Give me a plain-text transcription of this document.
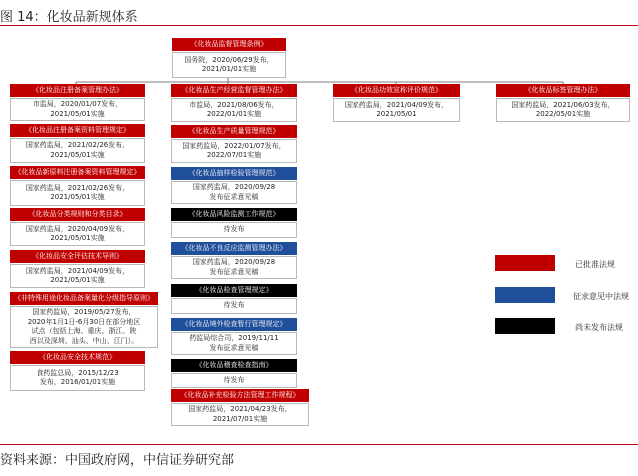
图 14：化妆品新规体系
《化妆品监督管理条例》
国务院，2020/06/29发布，2021/01/01实施
《化妆品注册备案管理办法》
市监局，2020/01/07发布，
2021/05/01实施
《化妆品注册备案资料管理规定》
国家药监局，2021/02/26发布，
2021/05/01实施
《化妆品新原料注册备案资料管理规定》
国家药监局，2021/02/26发布，
2021/05/01实施
《化妆品分类规则和分类目录》
国家药监局，2020/04/09发布，
2021/05/01实施
《化妆品安全评估技术导则》
国家药监局，2021/04/09发布，
2021/05/01实施
《非特殊用途化妆品备案量化分级指导原则》
国家药监局，2019/05/27发布，
2020年1月1日-6月30日在部分地区
试点（包括上海、重庆、浙江、陕
西以及深圳、汕头、中山、江门）。
《化妆品安全技术规范》
食药监总局，2015/12/23
发布，2016/01/01实施
《化妆品生产经营监督管理办法》
市监局，2021/08/06发布，
2022/01/01实施
《化妆品生产质量管理规范》
国家药监局，2022/01/07发布，
2022/07/01实施
《化妆品抽样检验管理规范》
国家药监局，2020/09/28
发布征求意见稿
《化妆品风险监测工作规范》
待发布
《化妆品不良反应监测管理办法》
国家药监局，2020/09/28
发布征求意见稿
《化妆品检查管理规定》
待发布
《化妆品境外检查暂行管理规定》
药监局综合司，2019/11/11
发布征求意见稿
《化妆品稽查检查指南》
待发布
《化妆品补充检验方法管理工作规程》
国家药监局，2021/04/23发布，
2021/07/01实施
《化妆品功效宣称评价规范》
国家药监局，2021/04/09发布，
2021/05/01
《化妆品标签管理办法》
国家药监局，2021/06/03发布，
2022/05/01实施
已批准法规
征求意见中法规
尚未发布法规
资料来源：中国政府网，中信证券研究部
